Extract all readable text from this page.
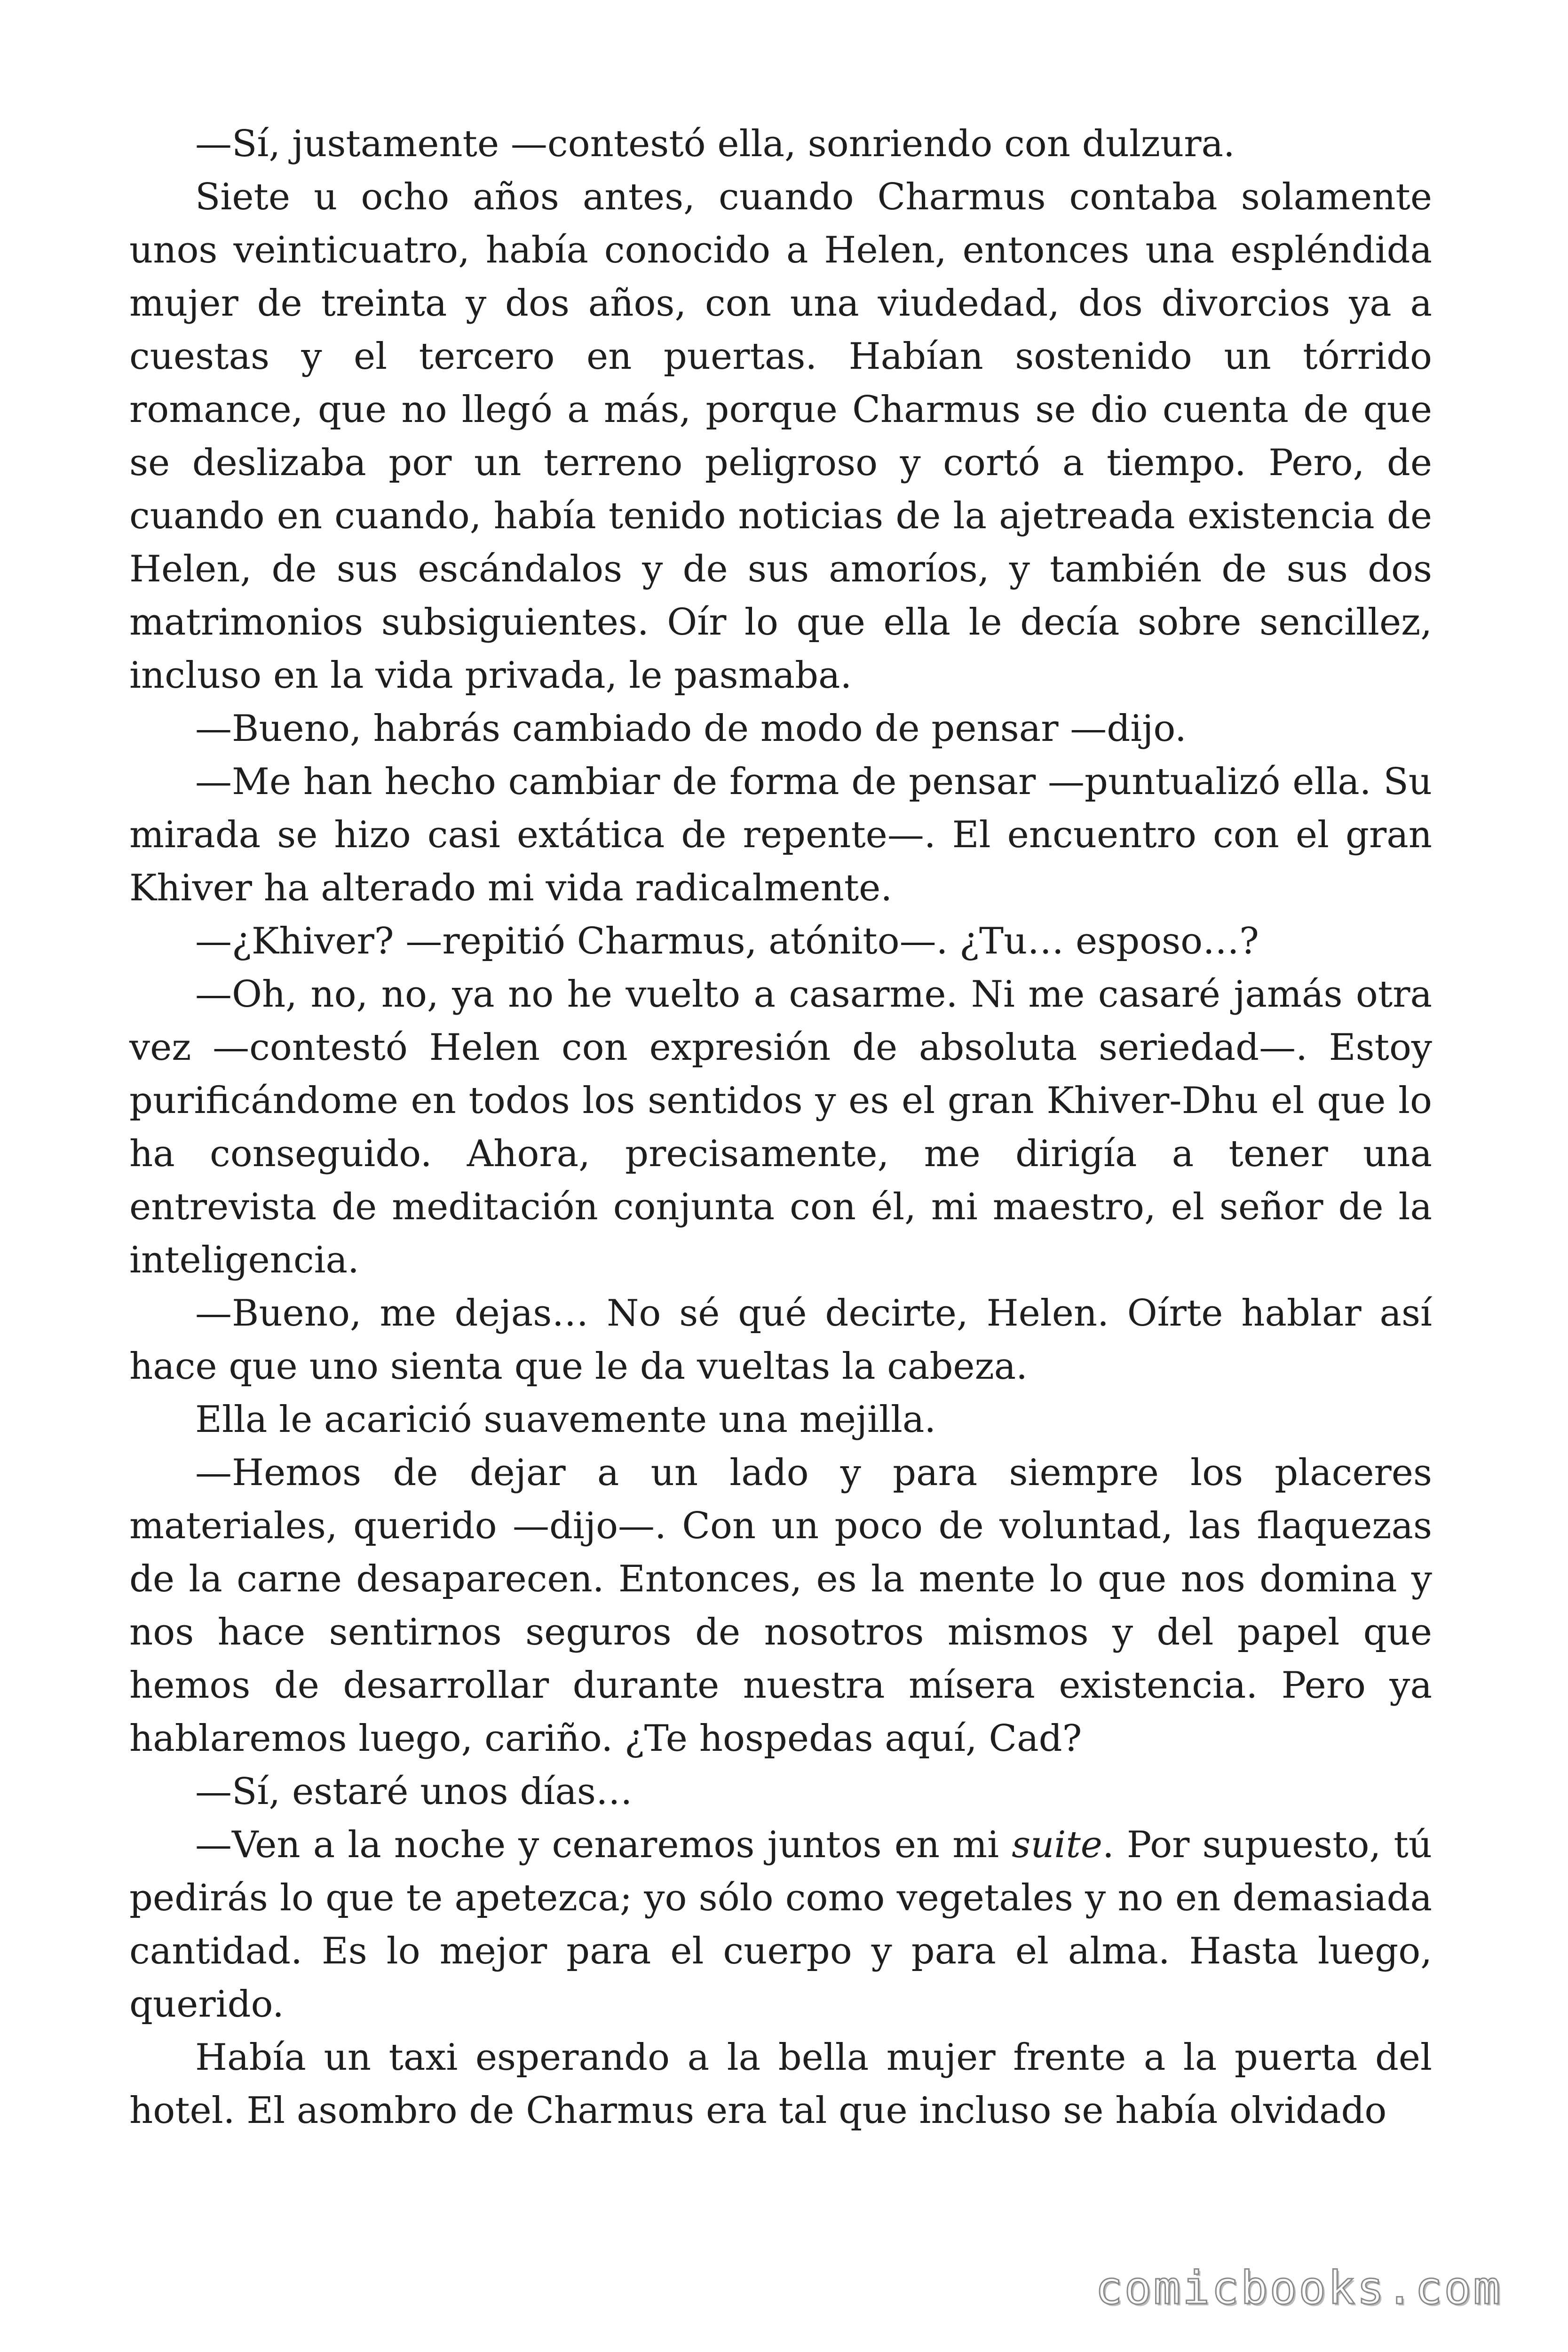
—Sí, justamente —contestó ella, sonriendo con dulzura.

Siete u ocho años antes, cuando Charmus contaba solamente unos veinticuatro, había conocido a Helen, entonces una espléndida mujer de treinta y dos años, con una viudedad, dos divorcios ya a cuestas y el tercero en puertas. Habían sostenido un tórrido romance, que no llegó a más, porque Charmus se dio cuenta de que se deslizaba por un terreno peligroso y cortó a tiempo. Pero, de cuando en cuando, había tenido noticias de la ajetreada existencia de Helen, de sus escándalos y de sus amoríos, y también de sus dos matrimonios subsiguientes. Oír lo que ella le decía sobre sencillez, incluso en la vida privada, le pasmaba.

—Bueno, habrás cambiado de modo de pensar —dijo.

—Me han hecho cambiar de forma de pensar —puntualizó ella. Su mirada se hizo casi extática de repente—. El encuentro con el gran Khiver ha alterado mi vida radicalmente.

—¿Khiver? —repitió Charmus, atónito—. ¿Tu… esposo…?

—Oh, no, no, ya no he vuelto a casarme. Ni me casaré jamás otra vez —contestó Helen con expresión de absoluta seriedad—. Estoy purificándome en todos los sentidos y es el gran Khiver-Dhu el que lo ha conseguido. Ahora, precisamente, me dirigía a tener una entrevista de meditación conjunta con él, mi maestro, el señor de la inteligencia.

—Bueno, me dejas… No sé qué decirte, Helen. Oírte hablar así hace que uno sienta que le da vueltas la cabeza.

Ella le acarició suavemente una mejilla.

—Hemos de dejar a un lado y para siempre los placeres materiales, querido —dijo—. Con un poco de voluntad, las flaquezas de la carne desaparecen. Entonces, es la mente lo que nos domina y nos hace sentirnos seguros de nosotros mismos y del papel que hemos de desarrollar durante nuestra mísera existencia. Pero ya hablaremos luego, cariño. ¿Te hospedas aquí, Cad?

—Sí, estaré unos días…

—Ven a la noche y cenaremos juntos en mi suite. Por supuesto, tú pedirás lo que te apetezca; yo sólo como vegetales y no en demasiada cantidad. Es lo mejor para el cuerpo y para el alma. Hasta luego, querido.

Había un taxi esperando a la bella mujer frente a la puerta del hotel. El asombro de Charmus era tal que incluso se había olvidado

comicbooks.com
